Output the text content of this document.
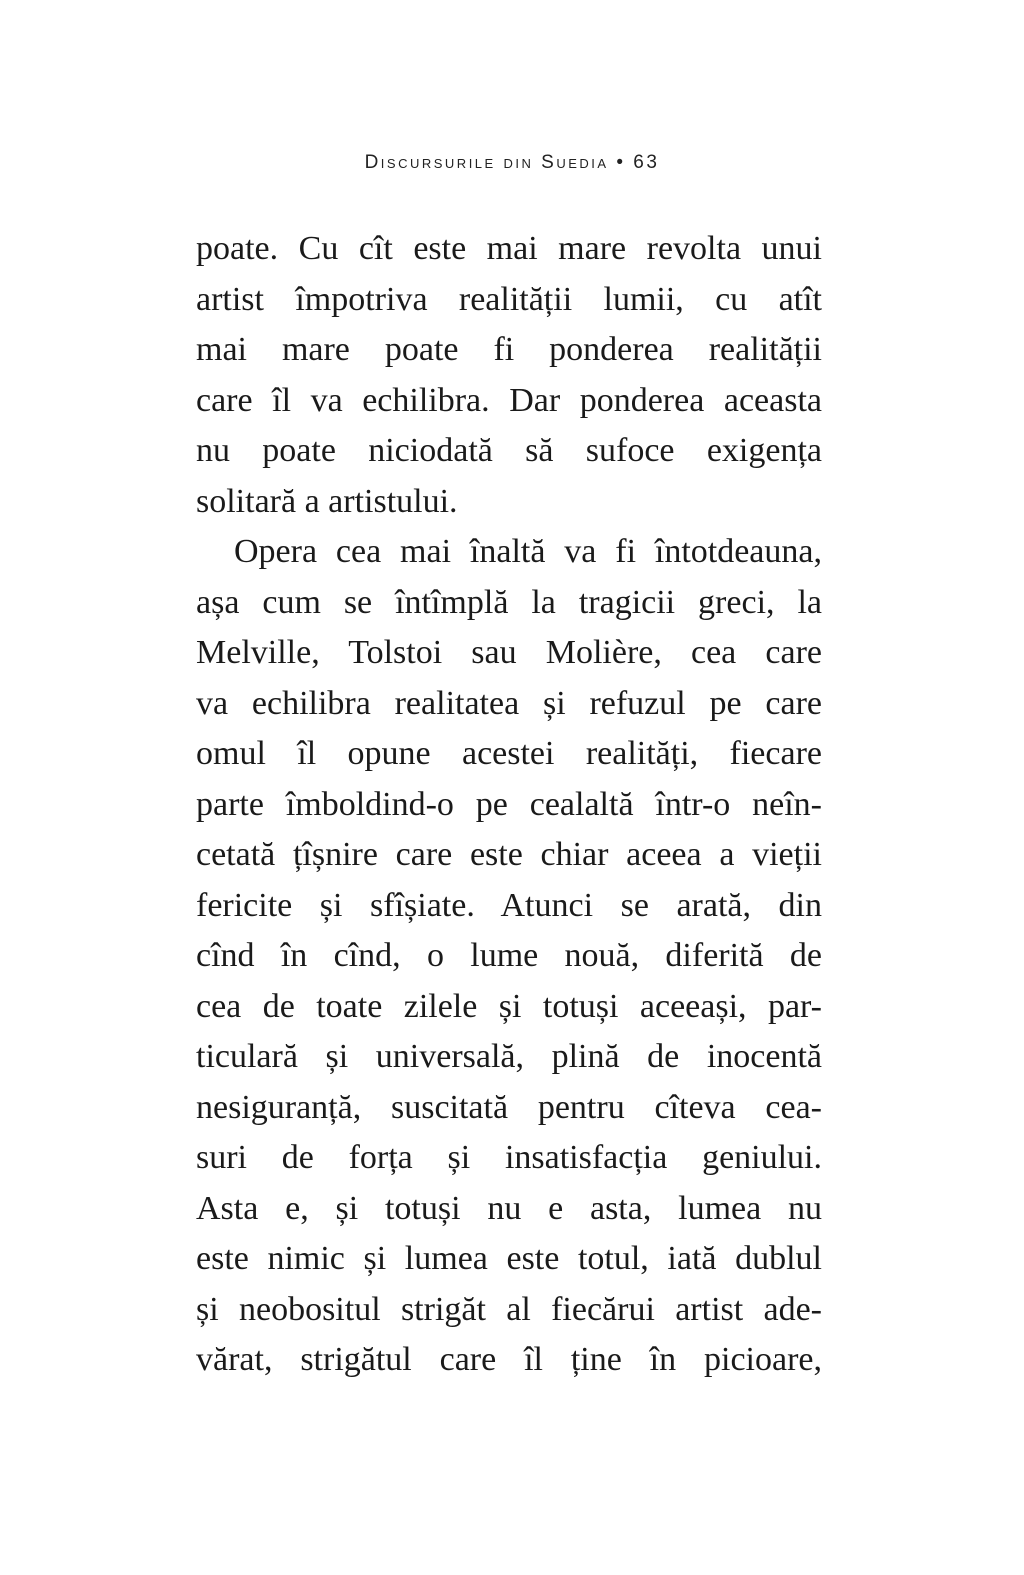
Discursurile din Suedia • 63
poate. Cu cît este mai mare revolta unui
artist împotriva realității lumii, cu atît
mai mare poate fi ponderea realității
care îl va echilibra. Dar ponderea aceasta
nu poate niciodată să sufoce exigența
solitară a artistului.
Opera cea mai înaltă va fi întotdeauna,
așa cum se întîmplă la tragicii greci, la
Melville, Tolstoi sau Molière, cea care
va echilibra realitatea și refuzul pe care
omul îl opune acestei realități, fiecare
parte îmboldind-o pe cealaltă într-o neîn-
cetată țîșnire care este chiar aceea a vieții
fericite și sfîșiate. Atunci se arată, din
cînd în cînd, o lume nouă, diferită de
cea de toate zilele și totuși aceeași, par-
ticulară și universală, plină de inocentă
nesiguranță, suscitată pentru cîteva cea-
suri de forța și insatisfacția geniului.
Asta e, și totuși nu e asta, lumea nu
este nimic și lumea este totul, iată dublul
și neobositul strigăt al fiecărui artist ade-
vărat, strigătul care îl ține în picioare,
